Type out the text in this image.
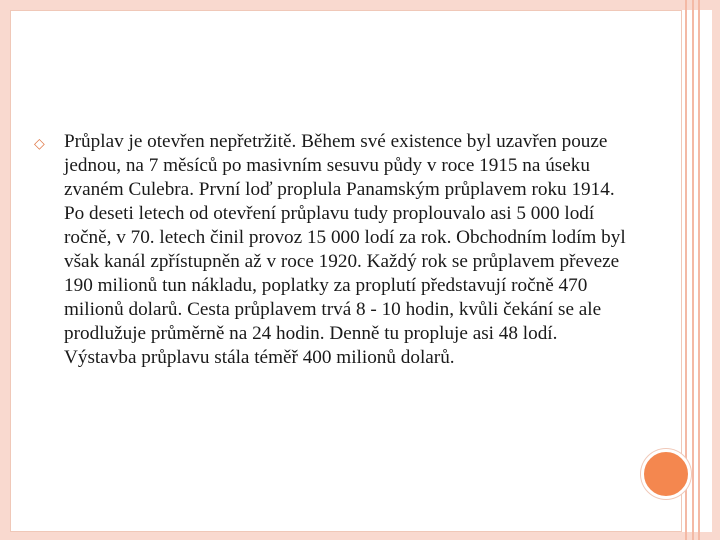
◇ Průplav je otevřen nepřetržitě. Během své existence byl uzavřen pouze jednou, na 7 měsíců po masivním sesuvu půdy v roce 1915 na úseku zvaném Culebra. První loď proplula Panamským průplavem roku 1914. Po deseti letech od otevření průplavu tudy proplouvalo asi 5 000 lodí ročně, v 70. letech činil provoz 15 000 lodí za rok. Obchodním lodím byl však kanál zpřístupněn až v roce 1920. Každý rok se průplavem převeze 190 milionů tun nákladu, poplatky za proplutí představují ročně 470 milionů dolarů. Cesta průplavem trvá 8 - 10 hodin, kvůli čekání se ale prodlužuje průměrně na 24 hodin. Denně tu propluje asi 48 lodí. Výstavba průplavu stála téměř 400 milionů dolarů.
